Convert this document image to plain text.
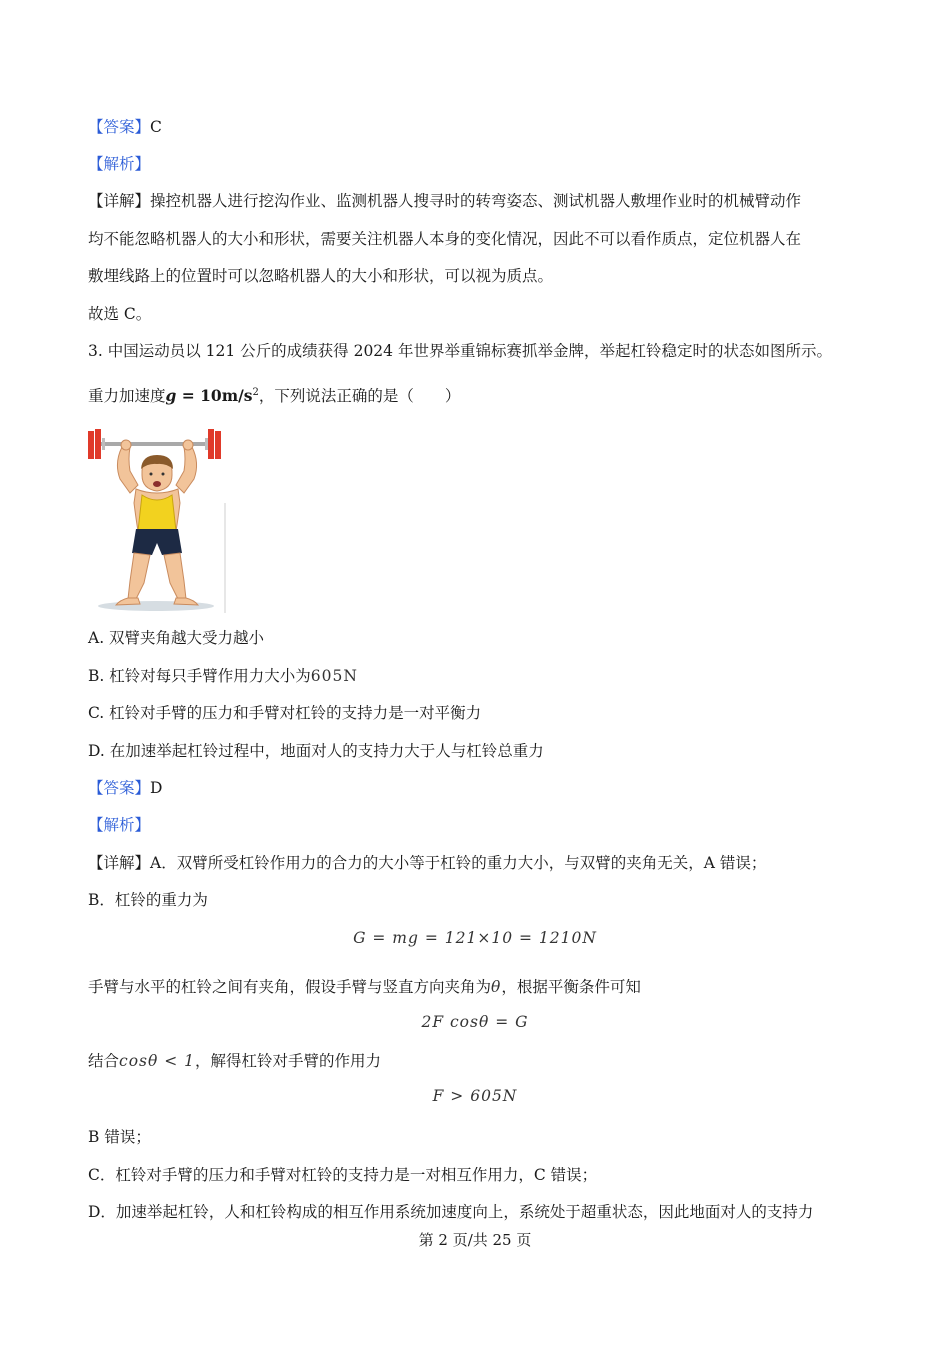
【答案】C
【解析】
【详解】操控机器人进行挖沟作业、监测机器人搜寻时的转弯姿态、测试机器人敷埋作业时的机械臂动作
均不能忽略机器人的大小和形状，需要关注机器人本身的变化情况，因此不可以看作质点，定位机器人在
敷埋线路上的位置时可以忽略机器人的大小和形状，可以视为质点。
故选 C。
3. 中国运动员以 121 公斤的成绩获得 2024 年世界举重锦标赛抓举金牌，举起杠铃稳定时的状态如图所示。
重力加速度$g = 10m/s^2$，下列说法正确的是（　　）
A. 双臂夹角越大受力越小
B. 杠铃对每只手臂作用力大小为605N
C. 杠铃对手臂的压力和手臂对杠铃的支持力是一对平衡力
D. 在加速举起杠铃过程中，地面对人的支持力大于人与杠铃总重力
【答案】D
【解析】
【详解】A．双臂所受杠铃作用力的合力的大小等于杠铃的重力大小，与双臂的夹角无关，A 错误；
B．杠铃的重力为
G = mg = 121×10 = 1210N
手臂与水平的杠铃之间有夹角，假设手臂与竖直方向夹角为θ，根据平衡条件可知
2F cosθ = G
结合cosθ < 1，解得杠铃对手臂的作用力
F > 605N
B 错误；
C．杠铃对手臂的压力和手臂对杠铃的支持力是一对相互作用力，C 错误；
D．加速举起杠铃，人和杠铃构成的相互作用系统加速度向上，系统处于超重状态，因此地面对人的支持力
第 2 页/共 25 页
